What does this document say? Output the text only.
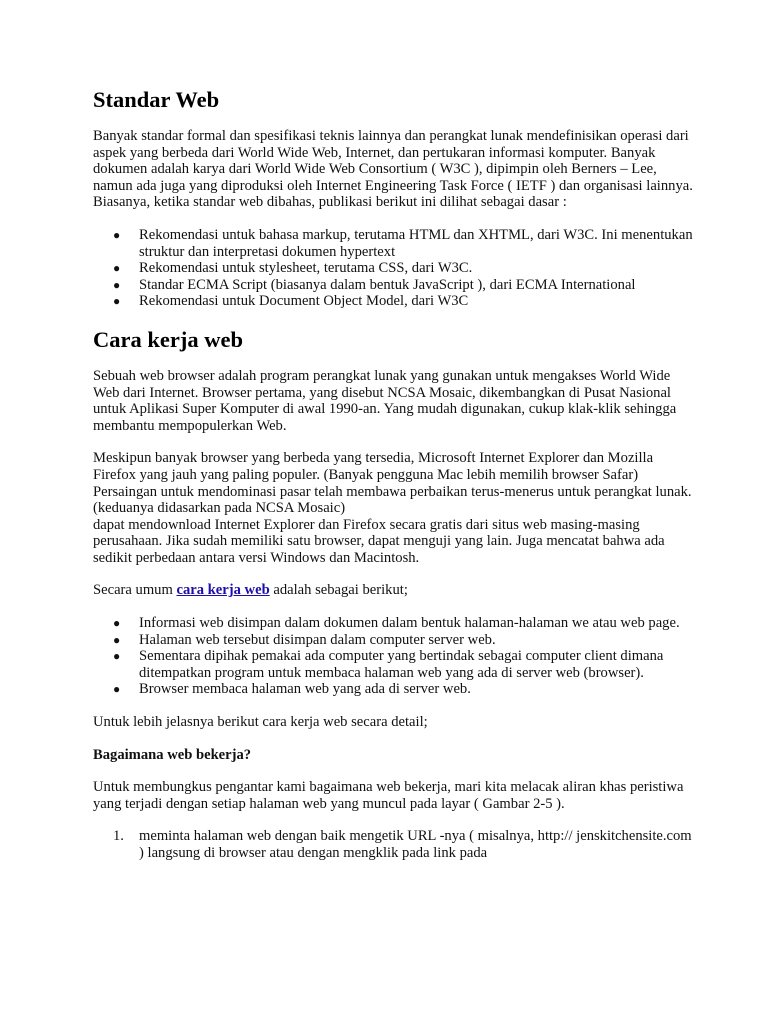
Standar Web

Banyak standar formal dan spesifikasi teknis lainnya dan perangkat lunak mendefinisikan operasi dari aspek yang berbeda dari World Wide Web, Internet, dan pertukaran informasi komputer. Banyak dokumen adalah karya dari World Wide Web Consortium ( W3C ), dipimpin oleh Berners – Lee, namun ada juga yang diproduksi oleh Internet Engineering Task Force ( IETF ) dan organisasi lainnya.

Biasanya, ketika standar web dibahas, publikasi berikut ini dilihat sebagai dasar :

● Rekomendasi untuk bahasa markup, terutama HTML dan XHTML, dari W3C. Ini menentukan struktur dan interpretasi dokumen hypertext
● Rekomendasi untuk stylesheet, terutama CSS, dari W3C.
● Standar ECMA Script (biasanya dalam bentuk JavaScript ), dari ECMA International
● Rekomendasi untuk Document Object Model, dari W3C
Cara kerja web

Sebuah web browser adalah program perangkat lunak yang gunakan untuk mengakses World Wide Web dari Internet. Browser pertama, yang disebut NCSA Mosaic, dikembangkan di Pusat Nasional untuk Aplikasi Super Komputer di awal 1990-an. Yang mudah digunakan, cukup klak-klik sehingga membantu mempopulerkan Web.

Meskipun banyak browser yang berbeda yang tersedia, Microsoft Internet Explorer dan Mozilla Firefox yang jauh yang paling populer. (Banyak pengguna Mac lebih memilih browser Safar) Persaingan untuk mendominasi pasar telah membawa perbaikan terus-menerus untuk perangkat lunak. (keduanya didasarkan pada NCSA Mosaic)

dapat mendownload Internet Explorer dan Firefox secara gratis dari situs web masing-masing perusahaan. Jika sudah memiliki satu browser, dapat menguji yang lain. Juga mencatat bahwa ada sedikit perbedaan antara versi Windows dan Macintosh.

Secara umum cara kerja web adalah sebagai berikut;

● Informasi web disimpan dalam dokumen dalam bentuk halaman-halaman we atau web page.
● Halaman web tersebut disimpan dalam computer server web.
● Sementara dipihak pemakai ada computer yang bertindak sebagai computer client dimana ditempatkan program untuk membaca halaman web yang ada di server web (browser).
● Browser membaca halaman web yang ada di server web.

Untuk lebih jelasnya berikut cara kerja web secara detail;

Bagaimana web bekerja?

Untuk membungkus pengantar kami bagaimana web bekerja, mari kita melacak aliran khas peristiwa yang terjadi dengan setiap halaman web yang muncul pada layar ( Gambar 2-5 ).

1. meminta halaman web dengan baik mengetik URL -nya ( misalnya, http:// jenskitchensite.com ) langsung di browser atau dengan mengklik pada link pada
